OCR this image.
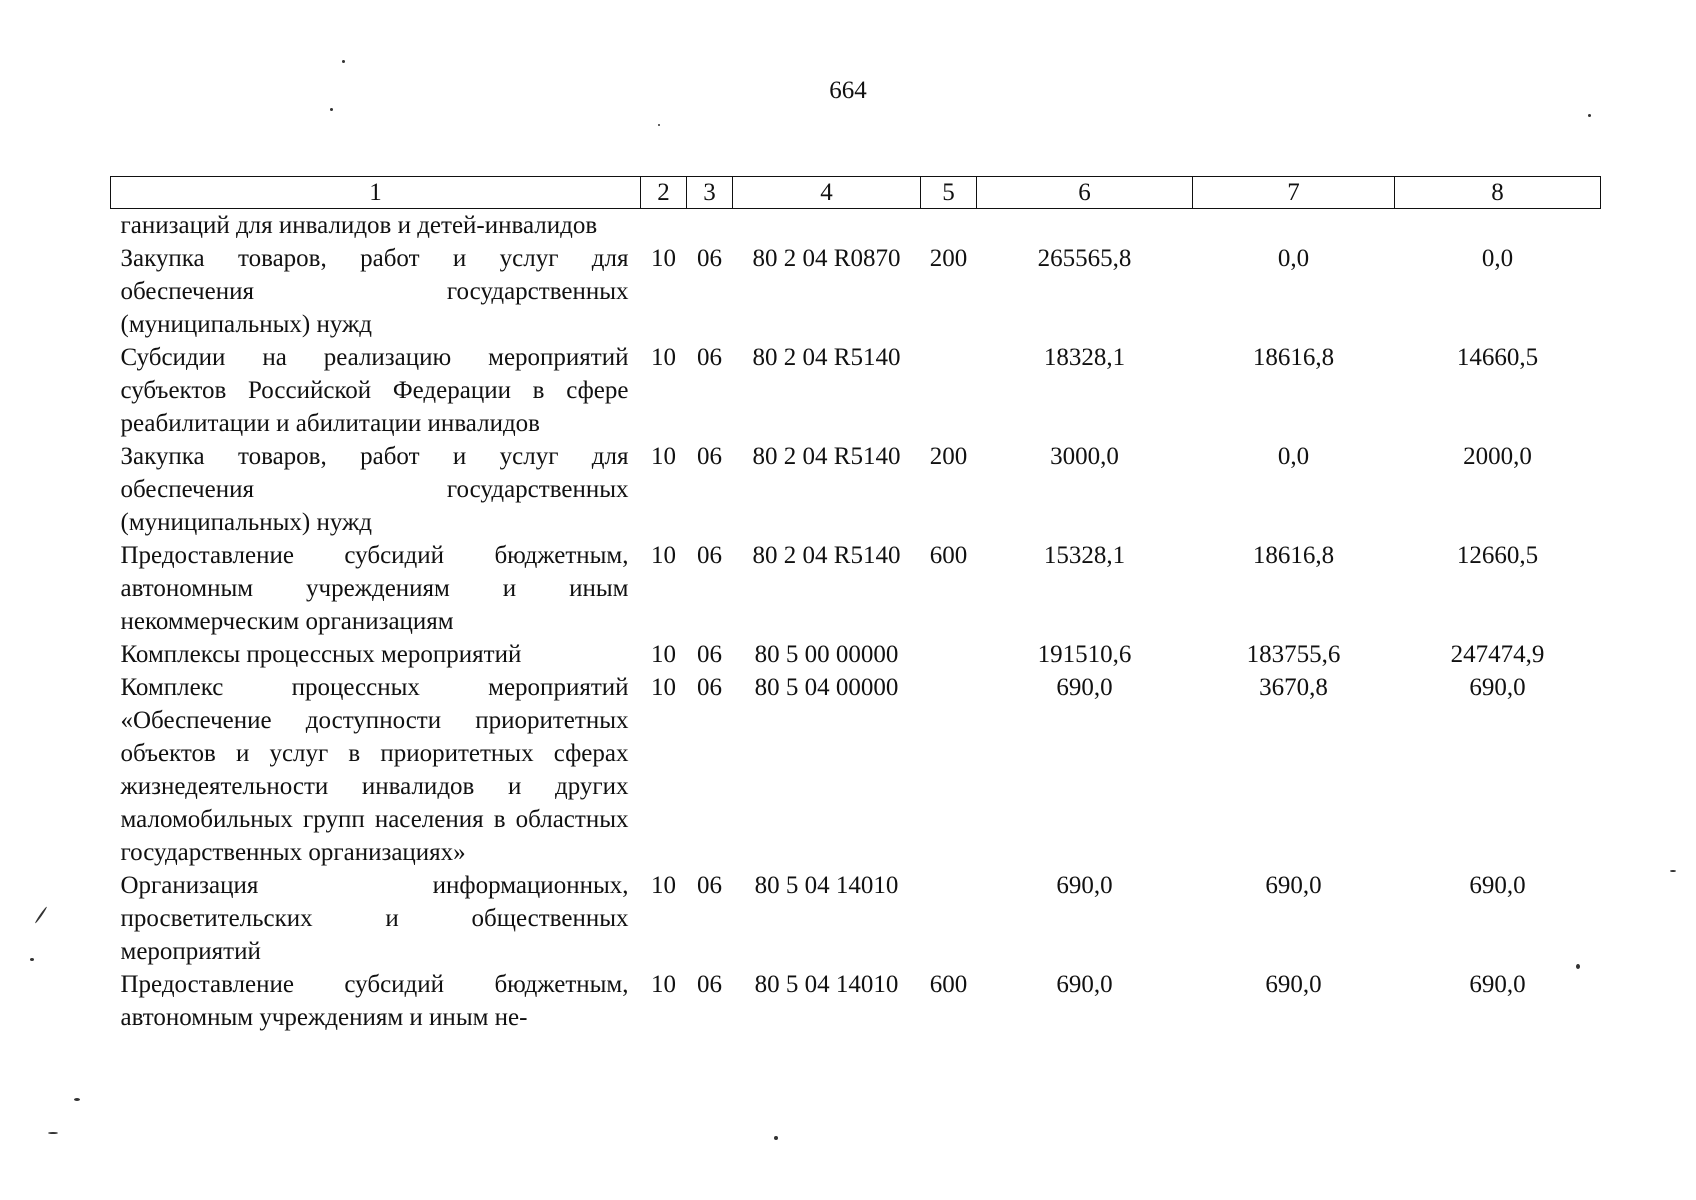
664
1	2	3	4	5	6	7	8
ганизаций для инвалидов и детей-инвалидов							
Закупка товаров, работ и услуг для обеспечения государственных (муниципальных) нужд	10	06	80 2 04 R0870	200	265565,8	0,0	0,0
Субсидии на реализацию мероприятий субъектов Российской Федерации в сфере реабилитации и абилитации инвалидов	10	06	80 2 04 R5140		18328,1	18616,8	14660,5
Закупка товаров, работ и услуг для обеспечения государственных (муниципальных) нужд	10	06	80 2 04 R5140	200	3000,0	0,0	2000,0
Предоставление субсидий бюджетным, автономным учреждениям и иным некоммерческим организациям	10	06	80 2 04 R5140	600	15328,1	18616,8	12660,5
Комплексы процессных мероприятий	10	06	80 5 00 00000		191510,6	183755,6	247474,9
Комплекс процессных мероприятий «Обеспечение доступности приоритетных объектов и услуг в приоритетных сферах жизнедеятельности инвалидов и других маломобильных групп населения в областных государственных организациях»	10	06	80 5 04 00000		690,0	3670,8	690,0
Организация информационных, просветительских и общественных мероприятий	10	06	80 5 04 14010		690,0	690,0	690,0
Предоставление субсидий бюджетным, автономным учреждениям и иным не-	10	06	80 5 04 14010	600	690,0	690,0	690,0
